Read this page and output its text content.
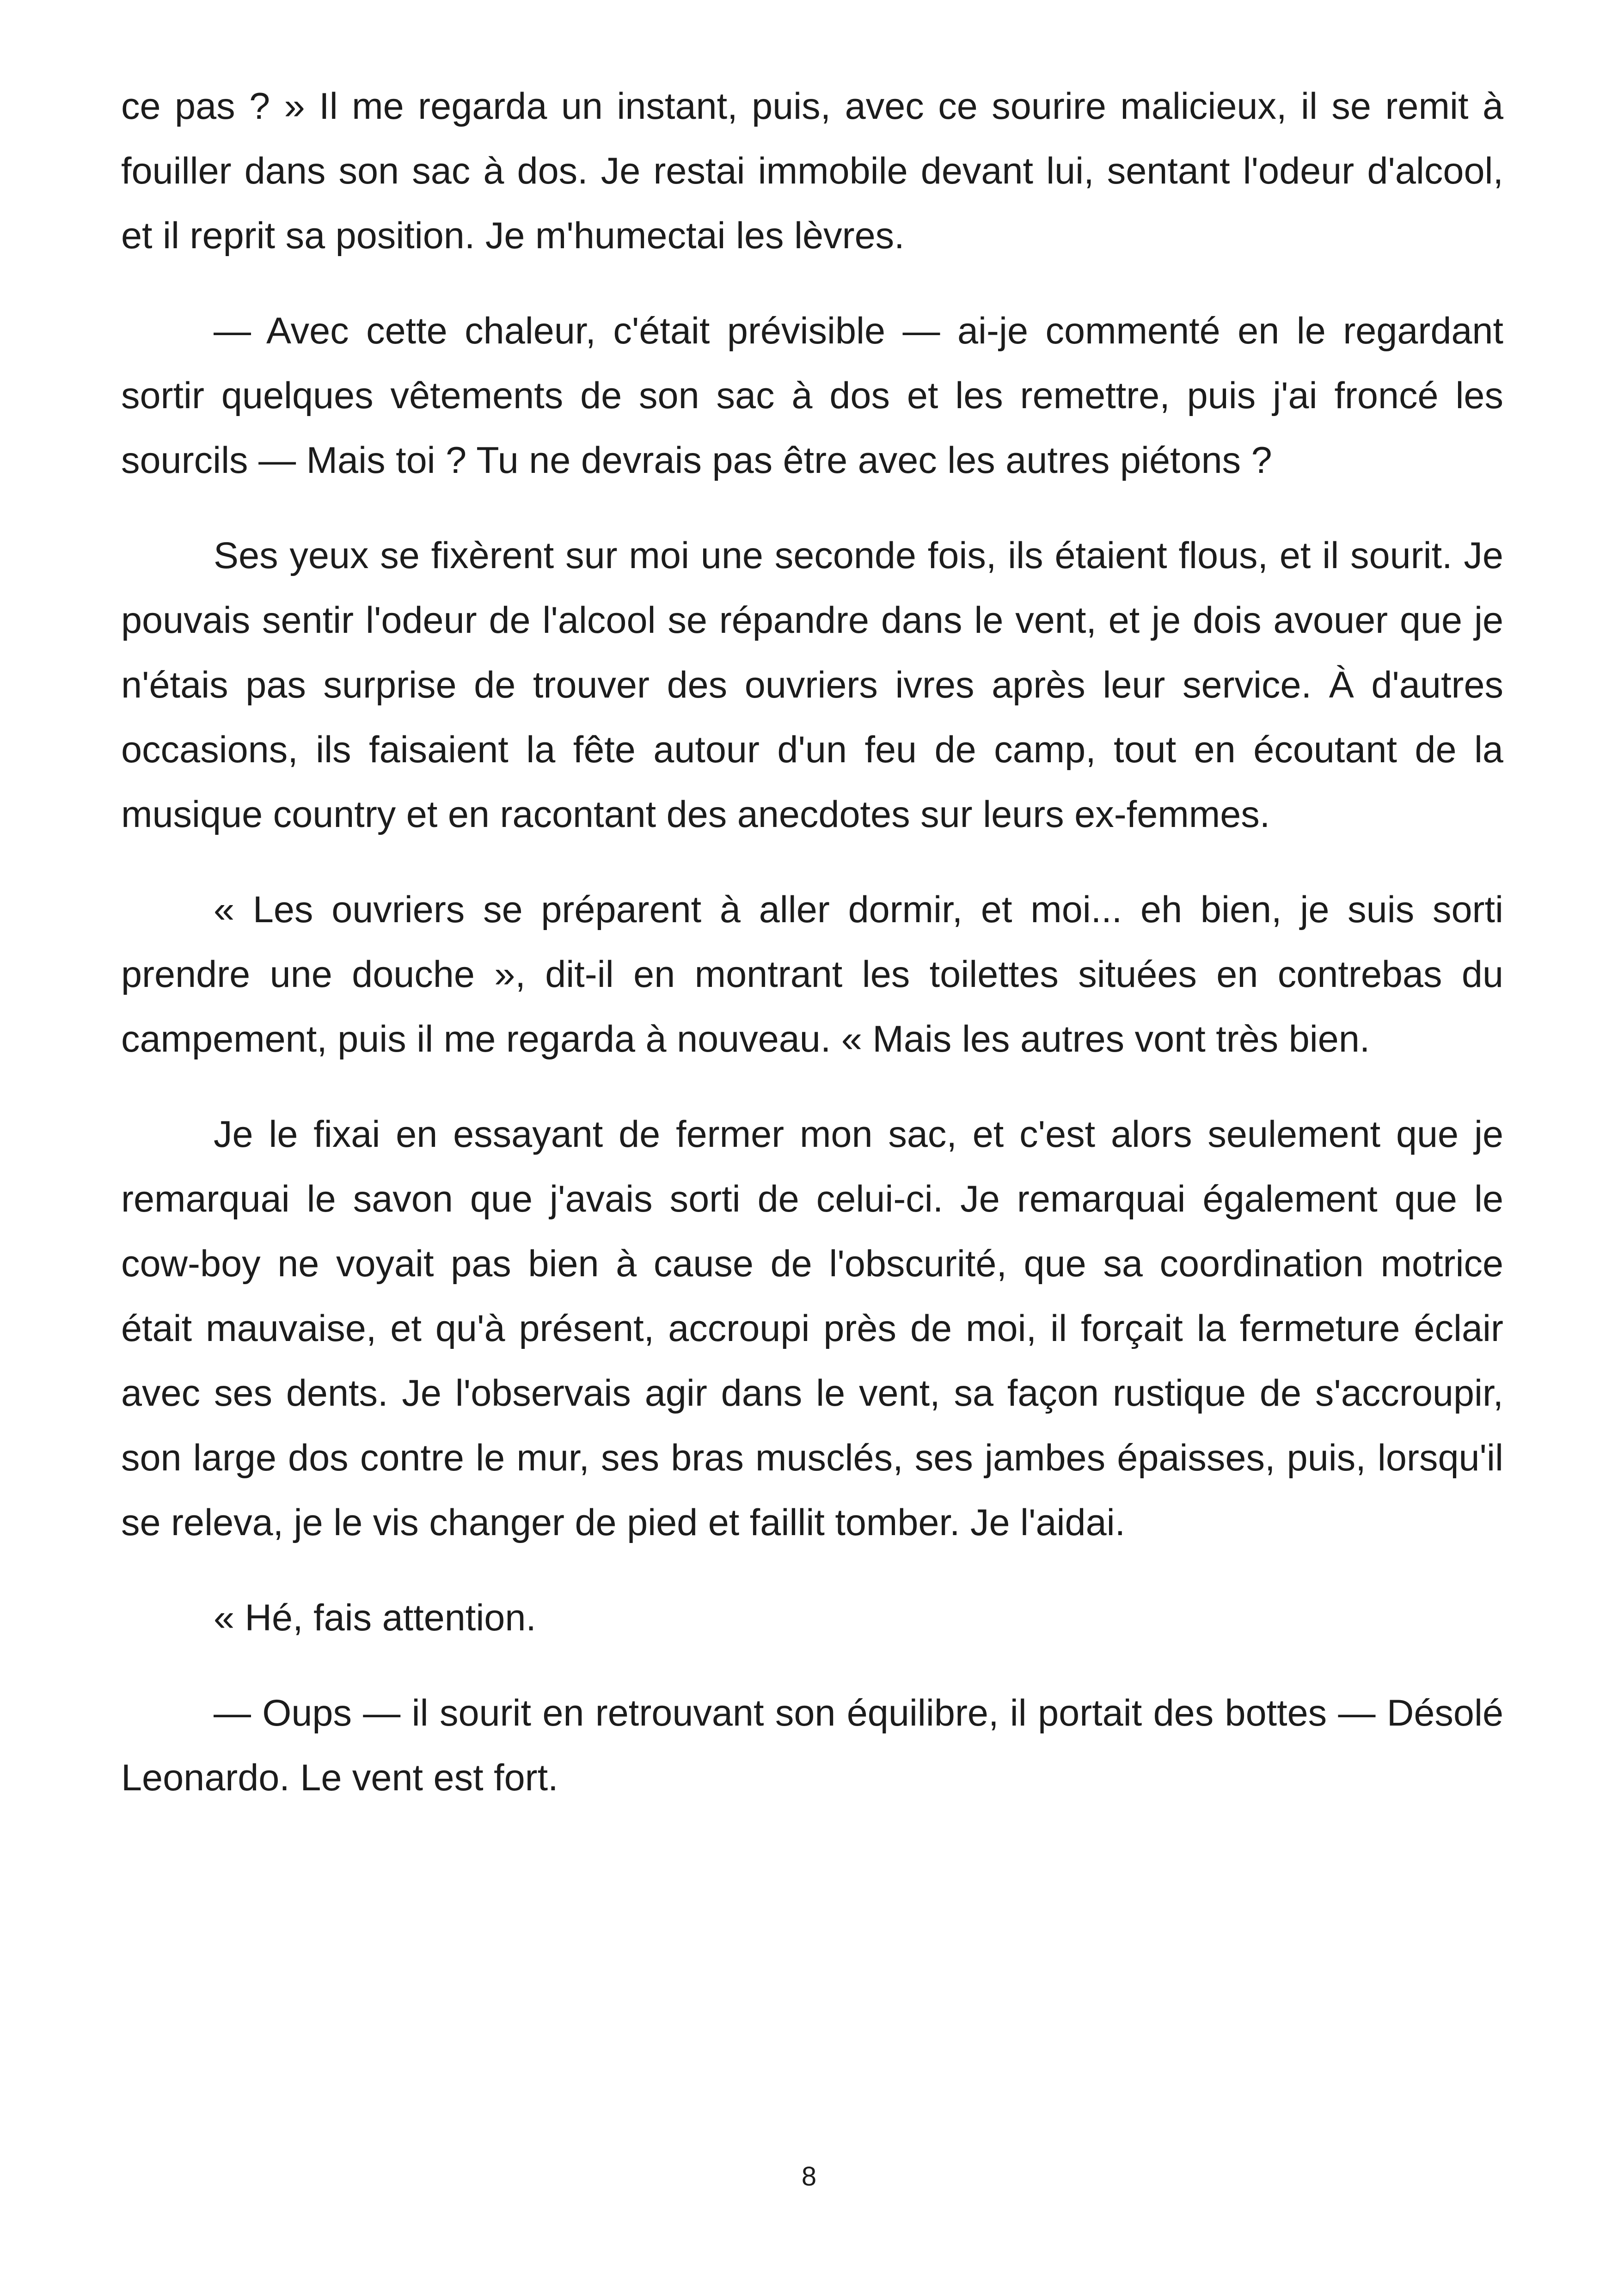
ce pas ? » Il me regarda un instant, puis, avec ce sourire malicieux, il se remit à fouiller dans son sac à dos. Je restai immobile devant lui, sentant l'odeur d'alcool, et il reprit sa position. Je m'humectai les lèvres.

— Avec cette chaleur, c'était prévisible — ai-je commenté en le regardant sortir quelques vêtements de son sac à dos et les remettre, puis j'ai froncé les sourcils — Mais toi ? Tu ne devrais pas être avec les autres piétons ?

Ses yeux se fixèrent sur moi une seconde fois, ils étaient flous, et il sourit. Je pouvais sentir l'odeur de l'alcool se répandre dans le vent, et je dois avouer que je n'étais pas surprise de trouver des ouvriers ivres après leur service. À d'autres occasions, ils faisaient la fête autour d'un feu de camp, tout en écoutant de la musique country et en racontant des anecdotes sur leurs ex-femmes.

« Les ouvriers se préparent à aller dormir, et moi... eh bien, je suis sorti prendre une douche », dit-il en montrant les toilettes situées en contrebas du campement, puis il me regarda à nouveau. « Mais les autres vont très bien.

Je le fixai en essayant de fermer mon sac, et c'est alors seulement que je remarquai le savon que j'avais sorti de celui-ci. Je remarquai également que le cow-boy ne voyait pas bien à cause de l'obscurité, que sa coordination motrice était mauvaise, et qu'à présent, accroupi près de moi, il forçait la fermeture éclair avec ses dents. Je l'observais agir dans le vent, sa façon rustique de s'accroupir, son large dos contre le mur, ses bras musclés, ses jambes épaisses, puis, lorsqu'il se releva, je le vis changer de pied et faillit tomber. Je l'aidai.

« Hé, fais attention.

— Oups — il sourit en retrouvant son équilibre, il portait des bottes — Désolé Leonardo. Le vent est fort.

8
